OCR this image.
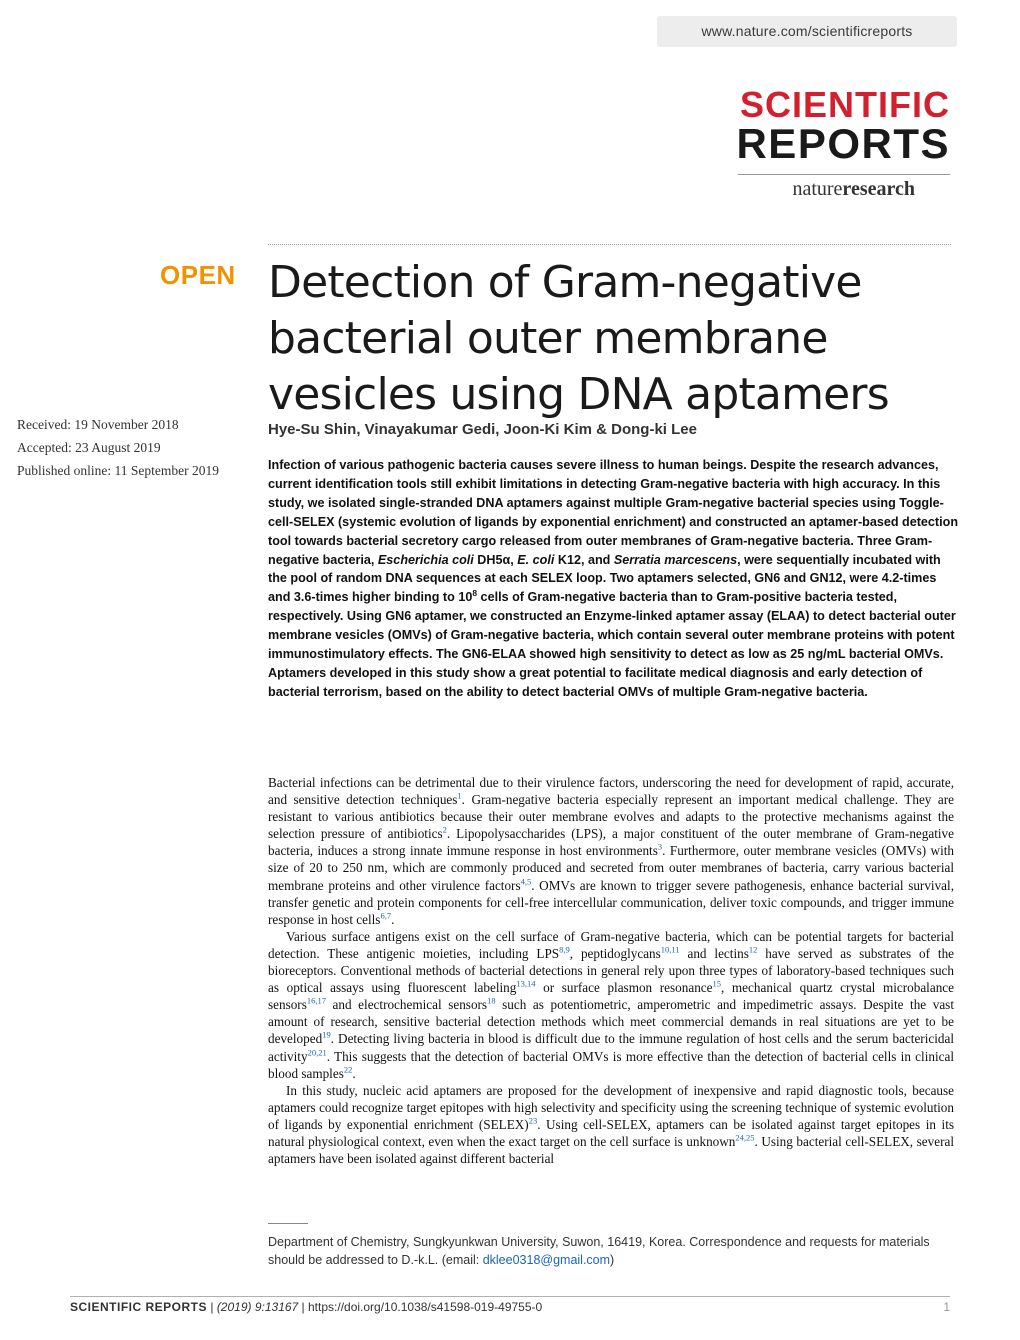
www.nature.com/scientificreports
SCIENTIFIC
REPORTS
natureresearch
OPEN Detection of Gram-negative bacterial outer membrane vesicles using DNA aptamers
Received: 19 November 2018
Accepted: 23 August 2019
Published online: 11 September 2019
Hye-Su Shin, Vinayakumar Gedi, Joon-Ki Kim & Dong-ki Lee

Infection of various pathogenic bacteria causes severe illness to human beings. Despite the research advances, current identification tools still exhibit limitations in detecting Gram-negative bacteria with high accuracy. In this study, we isolated single-stranded DNA aptamers against multiple Gram-negative bacterial species using Toggle-cell-SELEX (systemic evolution of ligands by exponential enrichment) and constructed an aptamer-based detection tool towards bacterial secretory cargo released from outer membranes of Gram-negative bacteria. Three Gram-negative bacteria, Escherichia coli DH5α, E. coli K12, and Serratia marcescens, were sequentially incubated with the pool of random DNA sequences at each SELEX loop. Two aptamers selected, GN6 and GN12, were 4.2-times and 3.6-times higher binding to $10^8$ cells of Gram-negative bacteria than to Gram-positive bacteria tested, respectively. Using GN6 aptamer, we constructed an Enzyme-linked aptamer assay (ELAA) to detect bacterial outer membrane vesicles (OMVs) of Gram-negative bacteria, which contain several outer membrane proteins with potent immunostimulatory effects. The GN6-ELAA showed high sensitivity to detect as low as 25 ng/mL bacterial OMVs. Aptamers developed in this study show a great potential to facilitate medical diagnosis and early detection of bacterial terrorism, based on the ability to detect bacterial OMVs of multiple Gram-negative bacteria.

Bacterial infections can be detrimental due to their virulence factors, underscoring the need for development of rapid, accurate, and sensitive detection techniques$^1$. Gram-negative bacteria especially represent an important medical challenge. They are resistant to various antibiotics because their outer membrane evolves and adapts to the protective mechanisms against the selection pressure of antibiotics$^2$. Lipopolysaccharides (LPS), a major constituent of the outer membrane of Gram-negative bacteria, induces a strong innate immune response in host environments$^3$. Furthermore, outer membrane vesicles (OMVs) with size of 20 to 250 nm, which are commonly produced and secreted from outer membranes of bacteria, carry various bacterial membrane proteins and other virulence factors$^{4,5}$. OMVs are known to trigger severe pathogenesis, enhance bacterial survival, transfer genetic and protein components for cell-free intercellular communication, deliver toxic compounds, and trigger immune response in host cells$^{6,7}$.

Various surface antigens exist on the cell surface of Gram-negative bacteria, which can be potential targets for bacterial detection. These antigenic moieties, including LPS$^{8,9}$, peptidoglycans$^{10,11}$ and lectins$^{12}$ have served as substrates of the bioreceptors. Conventional methods of bacterial detections in general rely upon three types of laboratory-based techniques such as optical assays using fluorescent labeling$^{13,14}$ or surface plasmon resonance$^{15}$, mechanical quartz crystal microbalance sensors$^{16,17}$ and electrochemical sensors$^{18}$ such as potentiometric, amperometric and impedimetric assays. Despite the vast amount of research, sensitive bacterial detection methods which meet commercial demands in real situations are yet to be developed$^{19}$. Detecting living bacteria in blood is difficult due to the immune regulation of host cells and the serum bactericidal activity$^{20,21}$. This suggests that the detection of bacterial OMVs is more effective than the detection of bacterial cells in clinical blood samples$^{22}$.

In this study, nucleic acid aptamers are proposed for the development of inexpensive and rapid diagnostic tools, because aptamers could recognize target epitopes with high selectivity and specificity using the screening technique of systemic evolution of ligands by exponential enrichment (SELEX)$^{23}$. Using cell-SELEX, aptamers can be isolated against target epitopes in its natural physiological context, even when the exact target on the cell surface is unknown$^{24,25}$. Using bacterial cell-SELEX, several aptamers have been isolated against different bacterial

Department of Chemistry, Sungkyunkwan University, Suwon, 16419, Korea. Correspondence and requests for materials should be addressed to D.-k.L. (email: dklee0318@gmail.com)

SCIENTIFIC REPORTS | (2019) 9:13167 | https://doi.org/10.1038/s41598-019-49755-0	1
